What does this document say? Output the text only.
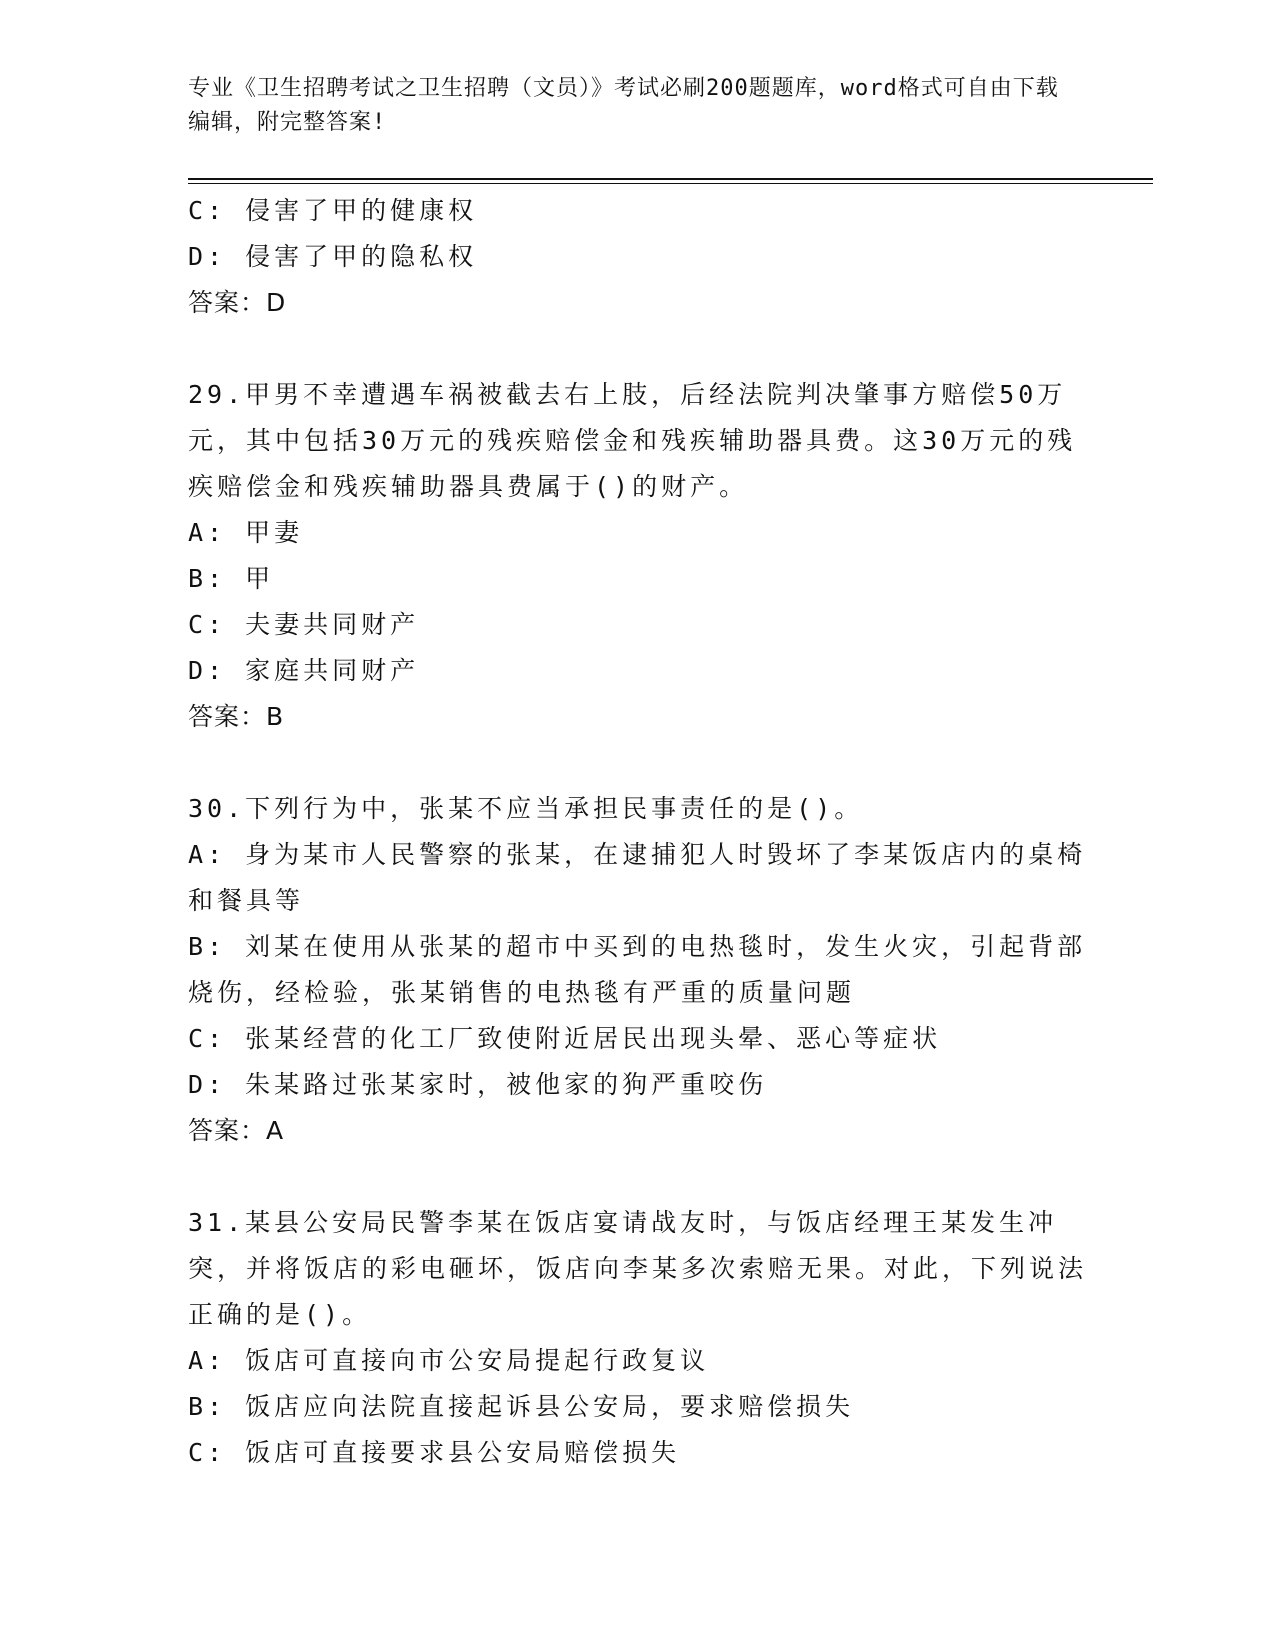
专业《卫生招聘考试之卫生招聘（文员）》考试必刷200题题库，word格式可自由下载编辑，附完整答案!

C: 侵害了甲的健康权

D: 侵害了甲的隐私权

答案：D

29.甲男不幸遭遇车祸被截去右上肢，后经法院判决肇事方赔偿50万元，其中包括30万元的残疾赔偿金和残疾辅助器具费。这30万元的残疾赔偿金和残疾辅助器具费属于()的财产。

A: 甲妻

B: 甲

C: 夫妻共同财产

D: 家庭共同财产

答案：B

30.下列行为中，张某不应当承担民事责任的是()。

A: 身为某市人民警察的张某，在逮捕犯人时毁坏了李某饭店内的桌椅和餐具等

B: 刘某在使用从张某的超市中买到的电热毯时，发生火灾，引起背部烧伤，经检验，张某销售的电热毯有严重的质量问题

C: 张某经营的化工厂致使附近居民出现头晕、恶心等症状

D: 朱某路过张某家时，被他家的狗严重咬伤

答案：A

31.某县公安局民警李某在饭店宴请战友时，与饭店经理王某发生冲突，并将饭店的彩电砸坏，饭店向李某多次索赔无果。对此，下列说法正确的是()。

A: 饭店可直接向市公安局提起行政复议

B: 饭店应向法院直接起诉县公安局，要求赔偿损失

C: 饭店可直接要求县公安局赔偿损失
